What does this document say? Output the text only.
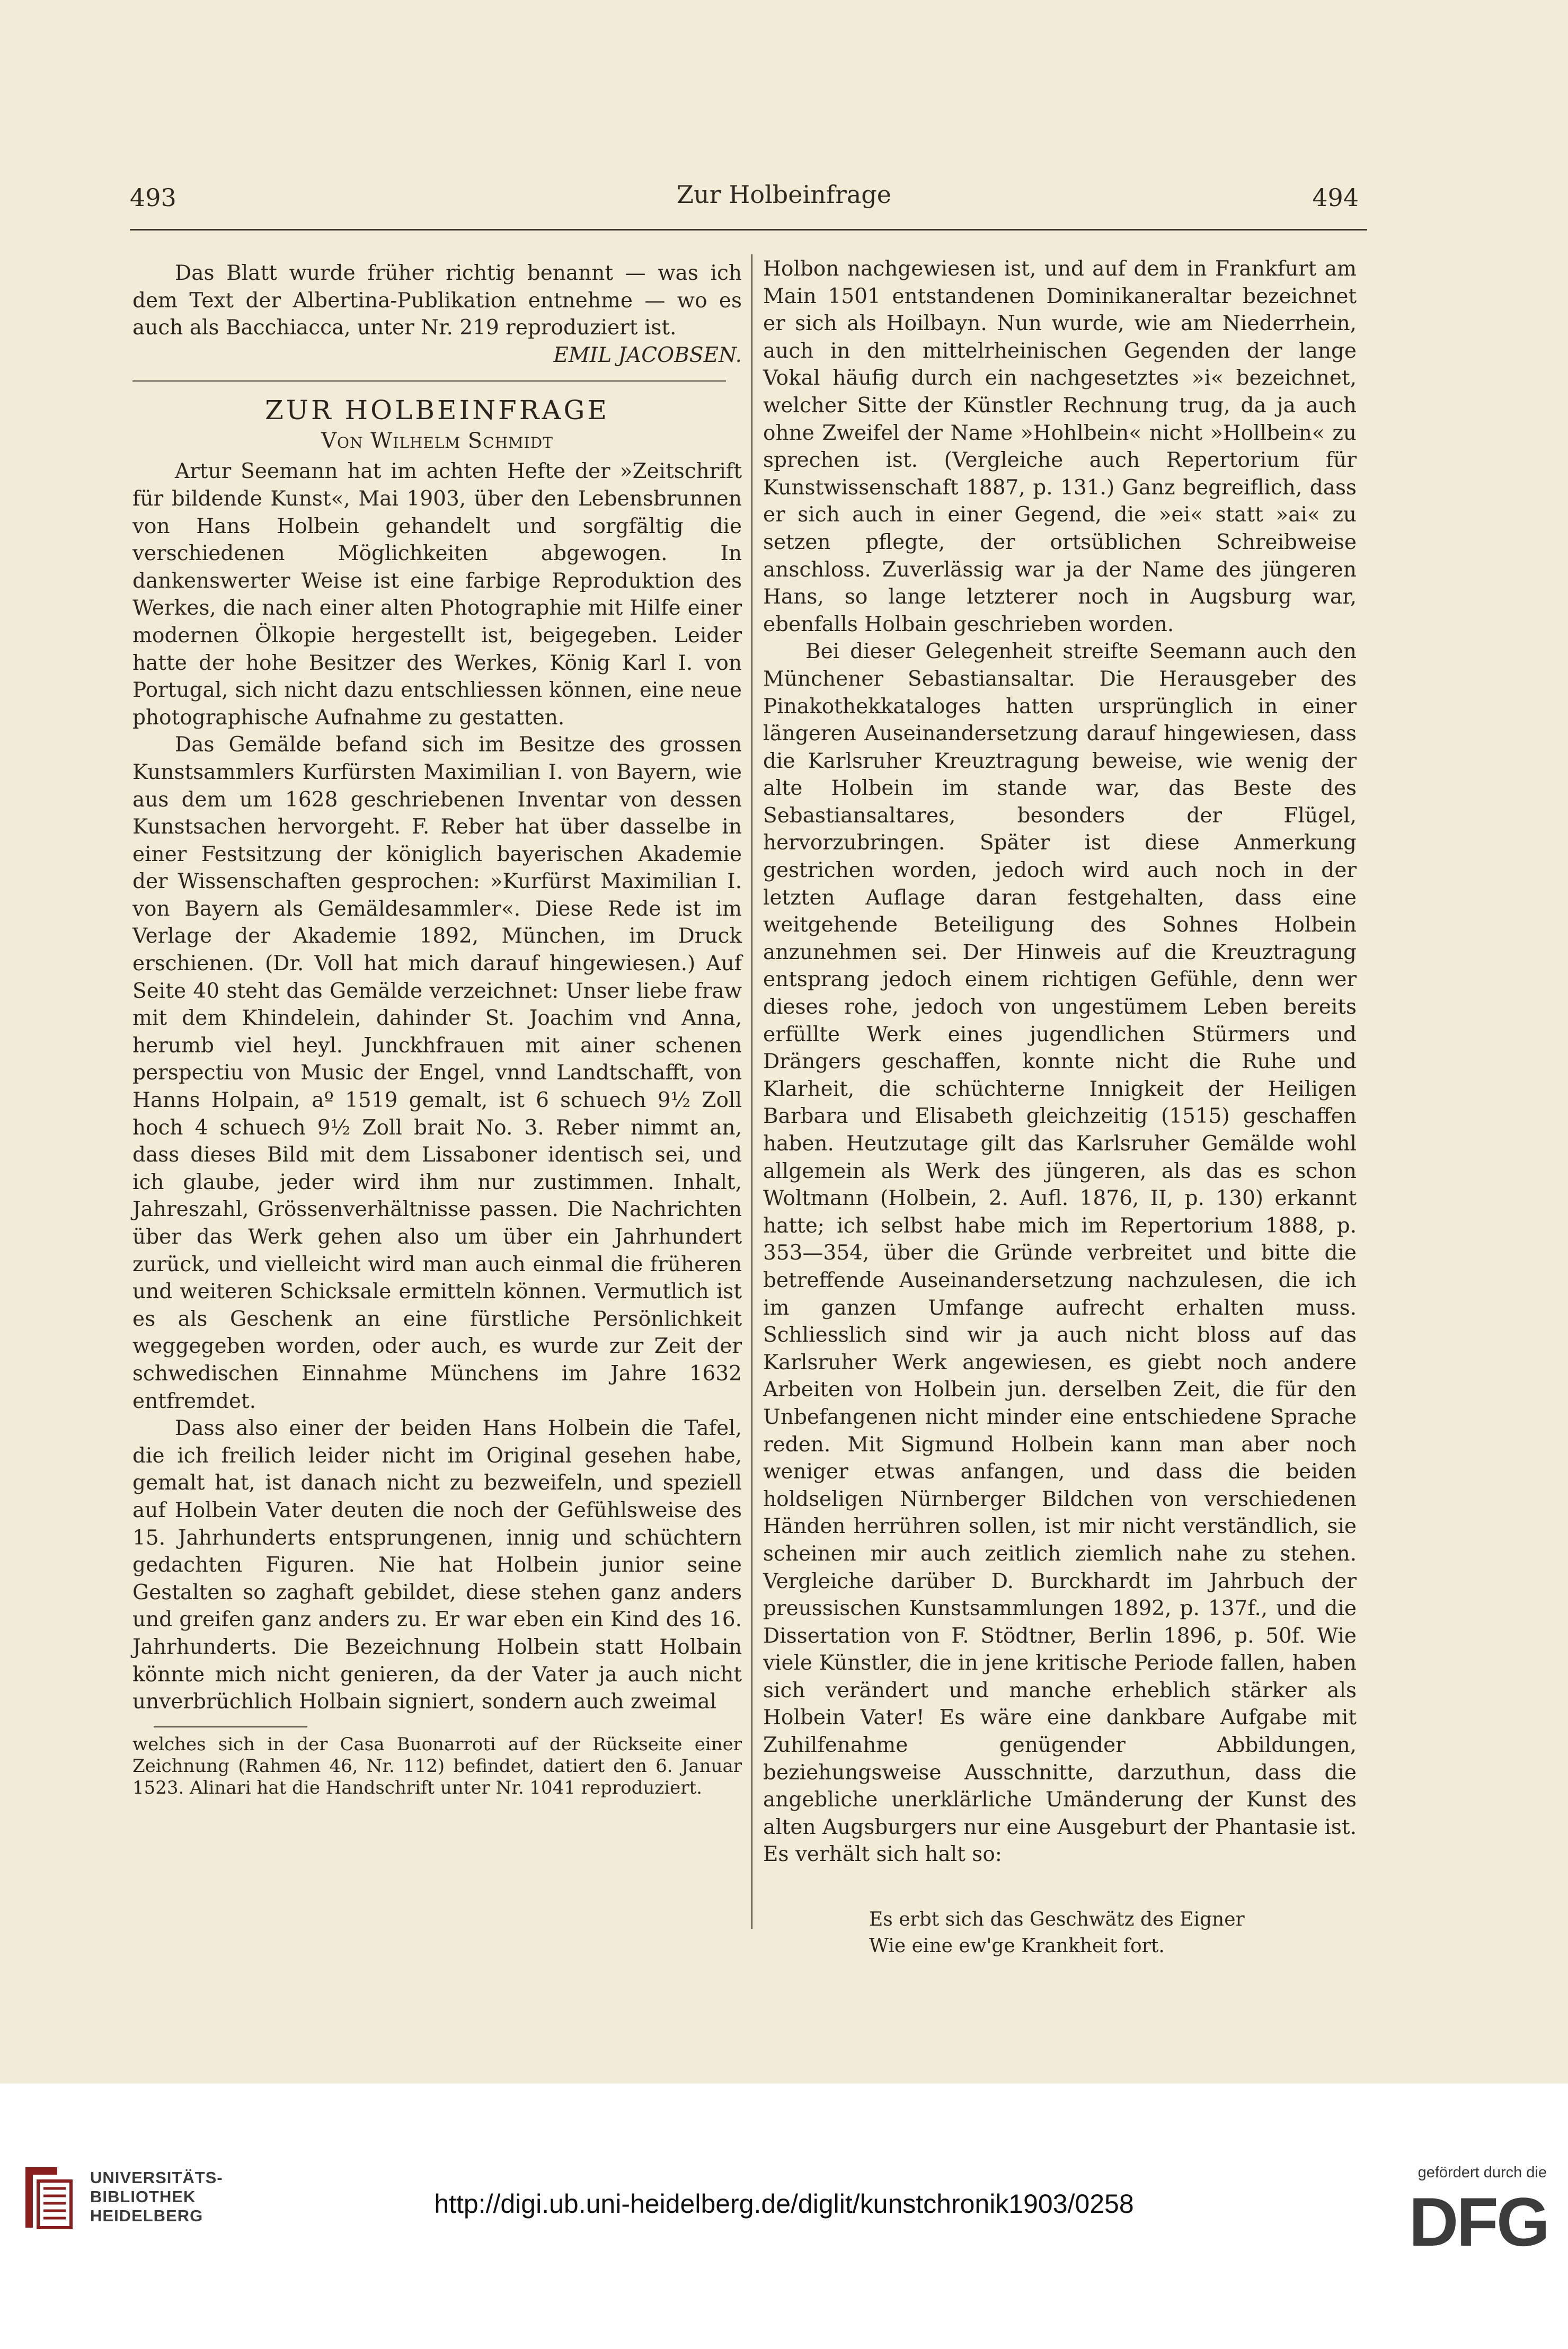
493	Zur Holbeinfrage	494

Das Blatt wurde früher richtig benannt — was ich dem Text der Albertina-Publikation entnehme — wo es auch als Bacchiacca, unter Nr. 219 reproduziert ist.

EMIL JACOBSEN.

ZUR HOLBEINFRAGE

Von Wilhelm Schmidt

Artur Seemann hat im achten Hefte der »Zeitschrift für bildende Kunst«, Mai 1903, über den Lebensbrunnen von Hans Holbein gehandelt und sorgfältig die verschiedenen Möglichkeiten abgewogen. In dankenswerter Weise ist eine farbige Reproduktion des Werkes, die nach einer alten Photographie mit Hilfe einer modernen Ölkopie hergestellt ist, beigegeben. Leider hatte der hohe Besitzer des Werkes, König Karl I. von Portugal, sich nicht dazu entschliessen können, eine neue photographische Aufnahme zu gestatten.

Das Gemälde befand sich im Besitze des grossen Kunstsammlers Kurfürsten Maximilian I. von Bayern, wie aus dem um 1628 geschriebenen Inventar von dessen Kunstsachen hervorgeht. F. Reber hat über dasselbe in einer Festsitzung der königlich bayerischen Akademie der Wissenschaften gesprochen: »Kurfürst Maximilian I. von Bayern als Gemäldesammler«. Diese Rede ist im Verlage der Akademie 1892, München, im Druck erschienen. (Dr. Voll hat mich darauf hingewiesen.) Auf Seite 40 steht das Gemälde verzeichnet: Unser liebe fraw mit dem Khindelein, dahinder St. Joachim vnd Anna, herumb viel heyl. Junckhfrauen mit ainer schenen perspectiu von Music der Engel, vnnd Landtschafft, von Hanns Holpain, aº 1519 gemalt, ist 6 schuech 9½ Zoll hoch 4 schuech 9½ Zoll brait No. 3. Reber nimmt an, dass dieses Bild mit dem Lissaboner identisch sei, und ich glaube, jeder wird ihm nur zustimmen. Inhalt, Jahreszahl, Grössenverhältnisse passen. Die Nachrichten über das Werk gehen also um über ein Jahrhundert zurück, und vielleicht wird man auch einmal die früheren und weiteren Schicksale ermitteln können. Vermutlich ist es als Geschenk an eine fürstliche Persönlichkeit weggegeben worden, oder auch, es wurde zur Zeit der schwedischen Einnahme Münchens im Jahre 1632 entfremdet.

Dass also einer der beiden Hans Holbein die Tafel, die ich freilich leider nicht im Original gesehen habe, gemalt hat, ist danach nicht zu bezweifeln, und speziell auf Holbein Vater deuten die noch der Gefühlsweise des 15. Jahrhunderts entsprungenen, innig und schüchtern gedachten Figuren. Nie hat Holbein junior seine Gestalten so zaghaft gebildet, diese stehen ganz anders und greifen ganz anders zu. Er war eben ein Kind des 16. Jahrhunderts. Die Bezeichnung Holbein statt Holbain könnte mich nicht genieren, da der Vater ja auch nicht unverbrüchlich Holbain signiert, sondern auch zweimal

welches sich in der Casa Buonarroti auf der Rückseite einer Zeichnung (Rahmen 46, Nr. 112) befindet, datiert den 6. Januar 1523. Alinari hat die Handschrift unter Nr. 1041 reproduziert.

Holbon nachgewiesen ist, und auf dem in Frankfurt am Main 1501 entstandenen Dominikaneraltar bezeichnet er sich als Hoilbayn. Nun wurde, wie am Niederrhein, auch in den mittelrheinischen Gegenden der lange Vokal häufig durch ein nachgesetztes »i« bezeichnet, welcher Sitte der Künstler Rechnung trug, da ja auch ohne Zweifel der Name »Hohlbein« nicht »Hollbein« zu sprechen ist. (Vergleiche auch Repertorium für Kunstwissenschaft 1887, p. 131.) Ganz begreiflich, dass er sich auch in einer Gegend, die »ei« statt »ai« zu setzen pflegte, der ortsüblichen Schreibweise anschloss. Zuverlässig war ja der Name des jüngeren Hans, so lange letzterer noch in Augsburg war, ebenfalls Holbain geschrieben worden.

Bei dieser Gelegenheit streifte Seemann auch den Münchener Sebastiansaltar. Die Herausgeber des Pinakothekkataloges hatten ursprünglich in einer längeren Auseinandersetzung darauf hingewiesen, dass die Karlsruher Kreuztragung beweise, wie wenig der alte Holbein im stande war, das Beste des Sebastiansaltares, besonders der Flügel, hervorzubringen. Später ist diese Anmerkung gestrichen worden, jedoch wird auch noch in der letzten Auflage daran festgehalten, dass eine weitgehende Beteiligung des Sohnes Holbein anzunehmen sei. Der Hinweis auf die Kreuztragung entsprang jedoch einem richtigen Gefühle, denn wer dieses rohe, jedoch von ungestümem Leben bereits erfüllte Werk eines jugendlichen Stürmers und Drängers geschaffen, konnte nicht die Ruhe und Klarheit, die schüchterne Innigkeit der Heiligen Barbara und Elisabeth gleichzeitig (1515) geschaffen haben. Heutzutage gilt das Karlsruher Gemälde wohl allgemein als Werk des jüngeren, als das es schon Woltmann (Holbein, 2. Aufl. 1876, II, p. 130) erkannt hatte; ich selbst habe mich im Repertorium 1888, p. 353—354, über die Gründe verbreitet und bitte die betreffende Auseinandersetzung nachzulesen, die ich im ganzen Umfange aufrecht erhalten muss. Schliesslich sind wir ja auch nicht bloss auf das Karlsruher Werk angewiesen, es giebt noch andere Arbeiten von Holbein jun. derselben Zeit, die für den Unbefangenen nicht minder eine entschiedene Sprache reden. Mit Sigmund Holbein kann man aber noch weniger etwas anfangen, und dass die beiden holdseligen Nürnberger Bildchen von verschiedenen Händen herrühren sollen, ist mir nicht verständlich, sie scheinen mir auch zeitlich ziemlich nahe zu stehen. Vergleiche darüber D. Burckhardt im Jahrbuch der preussischen Kunstsammlungen 1892, p. 137f., und die Dissertation von F. Stödtner, Berlin 1896, p. 50f. Wie viele Künstler, die in jene kritische Periode fallen, haben sich verändert und manche erheblich stärker als Holbein Vater! Es wäre eine dankbare Aufgabe mit Zuhilfenahme genügender Abbildungen, beziehungsweise Ausschnitte, darzuthun, dass die angebliche unerklärliche Umänderung der Kunst des alten Augsburgers nur eine Ausgeburt der Phantasie ist. Es verhält sich halt so:

Es erbt sich das Geschwätz des Eigner
Wie eine ew'ge Krankheit fort.
UNIVERSITÄTS-
BIBLIOTHEK
HEIDELBERG	http://digi.ub.uni-heidelberg.de/diglit/kunstchronik1903/0258
gefördert durch die
DFG
